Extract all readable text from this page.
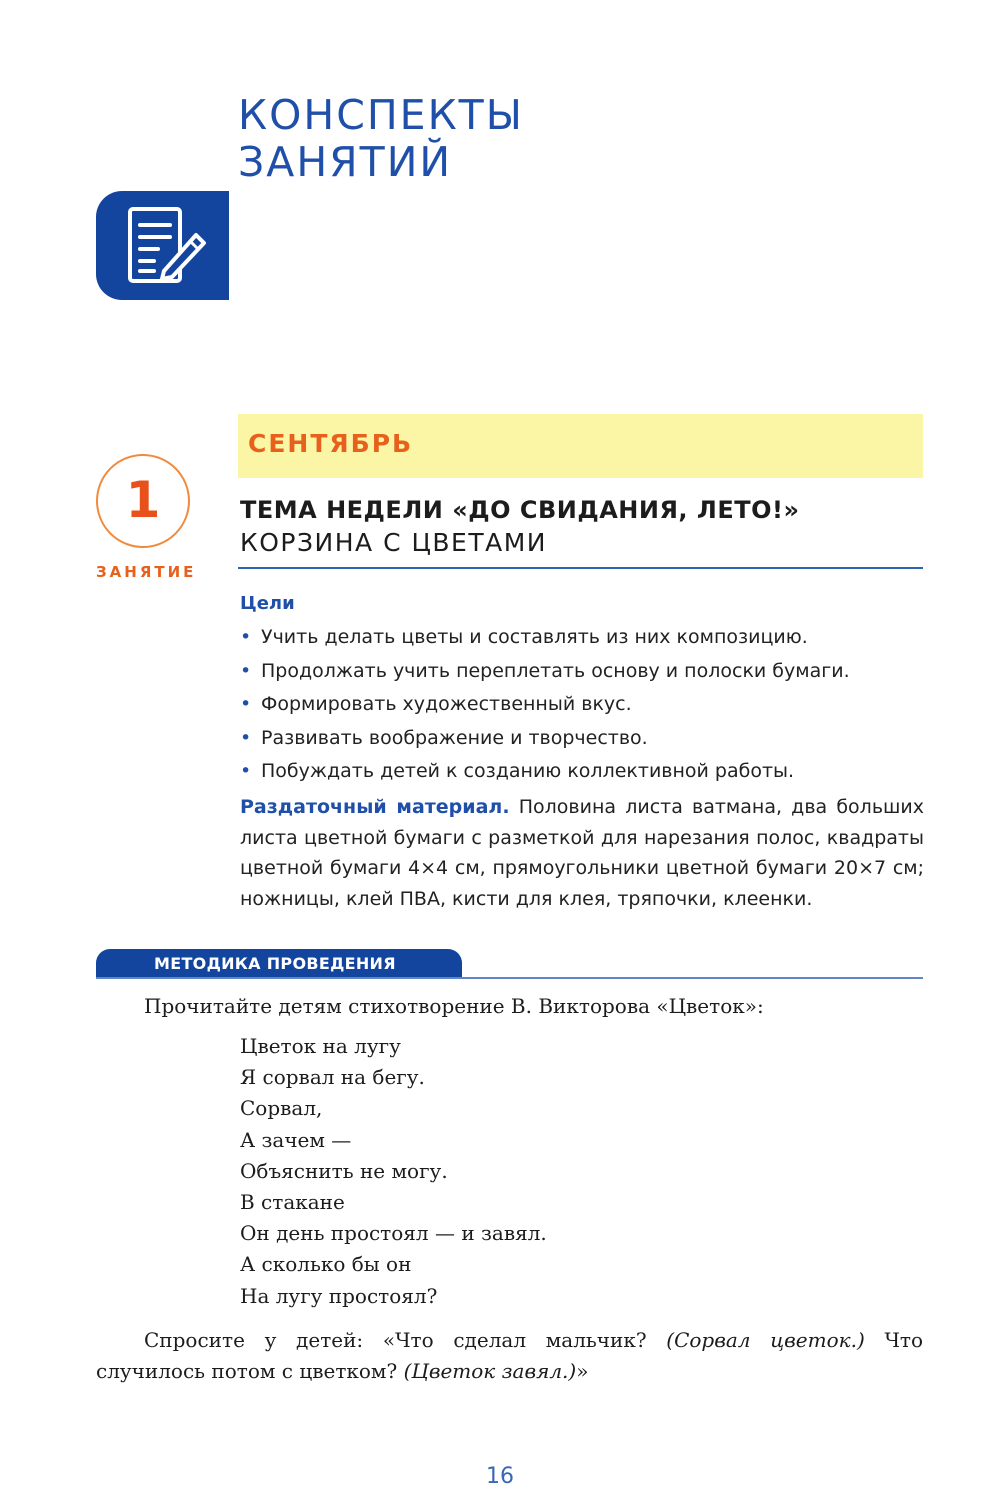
КОНСПЕКТЫ
ЗАНЯТИЙ
СЕНТЯБРЬ
1
ЗАНЯТИЕ
ТЕМА НЕДЕЛИ «ДО СВИДАНИЯ, ЛЕТО!»
КОРЗИНА С ЦВЕТАМИ
Цели
• Учить делать цветы и составлять из них композицию.
• Продолжать учить переплетать основу и полоски бумаги.
• Формировать художественный вкус.
• Развивать воображение и творчество.
• Побуждать детей к созданию коллективной работы.
Раздаточный материал. Половина листа ватмана, два больших листа цветной бумаги с разметкой для нарезания полос, квадраты цветной бумаги 4×4 см, прямоугольники цветной бумаги 20×7 см; ножницы, клей ПВА, кисти для клея, тряпочки, клеенки.
МЕТОДИКА ПРОВЕДЕНИЯ
Прочитайте детям стихотворение В. Викторова «Цветок»:
Цветок на лугу
Я сорвал на бегу.
Сорвал,
А зачем —
Объяснить не могу.
В стакане
Он день простоял — и завял.
А сколько бы он
На лугу простоял?
Спросите у детей: «Что сделал мальчик? (Сорвал цветок.) Что случилось потом с цветком? (Цветок завял.)»
16
